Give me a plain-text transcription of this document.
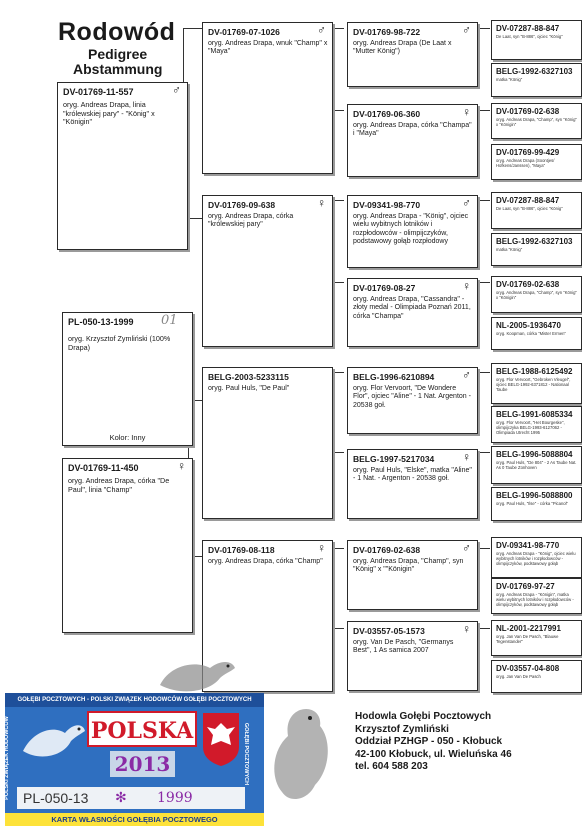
Rodowód
Pedigree
Abstammung
DV-01769-11-557	♂
oryg. Andreas Drapa, linia "królewskiej pary" - "König" x "Königin"
PL-050-13-1999 01
oryg. Krzysztof Zymliński (100% Drapa)
Kolor: Inny
DV-01769-11-450	♀
oryg. Andreas Drapa, córka "De Paul", linia "Champ"
DV-01769-07-1026	♂
oryg. Andreas Drapa, wnuk "Champ" x "Maya"
DV-01769-09-638	♀
oryg. Andreas Drapa, córka "królewskiej pary"
BELG-2003-5233115
oryg. Paul Huls, "De Paul"
DV-01769-08-118	♀
oryg. Andreas Drapa, córka "Champ"
DV-01769-98-722	♂
oryg. Andreas Drapa (De Laat x "Mutter König")
DV-01769-06-360	♀
oryg. Andreas Drapa, córka "Champa" i "Maya"
DV-09341-98-770	♂
oryg. Andreas Drapa - "König", ojciec wielu wybitnych lotników i rozpłodowców - olimpijczyków, podstawowy gołąb rozpłodowy
DV-01769-08-27	♀
oryg. Andreas Drapa, "Cassandra" - złoty medal - Olimpiada Poznań 2011, córka "Champa"
BELG-1996-6210894 ♂
oryg. Flor Vervoort, "De Wondere Flor", ojciec "Aline" - 1 Nat. Argenton - 20538 goł.
BELG-1997-5217034 ♀
oryg. Paul Huls, "Elske", matka "Aline" - 1 Nat. - Argenton - 20538 goł.
DV-01769-02-638	♂
oryg. Andreas Drapa, "Champ", syn "König" x ""Königin"
DV-03557-05-1573	♀
oryg. Van De Pasch, "Germanys Best", 1 As samica 2007
DV-07287-88-847
De Laat, syn "B-886", ojciec "König"
BELG-1992-6327103
matka "König"
DV-01769-02-638
oryg. Andreas Drapa, "Champ", syn "König" x "Königin"
DV-01769-99-429
oryg. Andreas Drapa (Soontjes/ Hofkens/Janssen), "Maya"
DV-07287-88-847
De Laat, syn "B-886", ojciec "König"
BELG-1992-6327103
matka "König"
DV-01769-02-638
oryg. Andreas Drapa, "Champ", syn "König" x "Königin"
NL-2005-1936470
oryg. Koopman, córka "Mister Ermen"
BELG-1988-6125492
oryg. Flor Vervoort, "Gebroken Vleugel", ojciec BELG-1992-6371812 - Nationaal Taube
BELG-1991-6085334
oryg. Flor Vervoort, "Het Bourgeske", olimpijczyka BELG-1993-6127062 - Olimpiada Utrecht 1995
BELG-1996-5088804
oryg. Paul Huls, "De 804" - 2 As Taube Nat. As 0 Taube Zonhoven
BELG-1996-5088800
oryg. Paul Huls, "Ilse" - córka "Picanol"
DV-09341-98-770
oryg. Andreas Drapa - "König", ojciec wielu wybitnych lotników i rozpłodowców - olimpijczyków, podstawowy gołąb
DV-01769-97-27
oryg. Andreas Drapa - "Königin", matka wielu wybitnych lotników i rozpłodowców - olimpijczyków, podstawowy gołąb
NL-2001-2217991
oryg. Jan Van De Pasch, "Blauwe Tegenstander"
DV-03557-04-808
oryg. Jan Van De Pasch
Hodowla Gołębi Pocztowych
Krzysztof Zymliński
Oddział PZHGP - 050 - Kłobuck
42-100 Kłobuck, ul. Wieluńska 46
tel. 604 588 203
GOŁĘBI POCZTOWYCH - POLSKI ZWIĄZEK HODOWCÓW GOŁĘBI POCZTOWYCH
POLSKI ZWIĄZEK HODOWCÓW	GOŁĘBI POCZTOWYCH
POLSKA
2013
PL-050-13 ✻ 1999
KARTA WŁASNOŚCI GOŁĘBIA POCZTOWEGO
